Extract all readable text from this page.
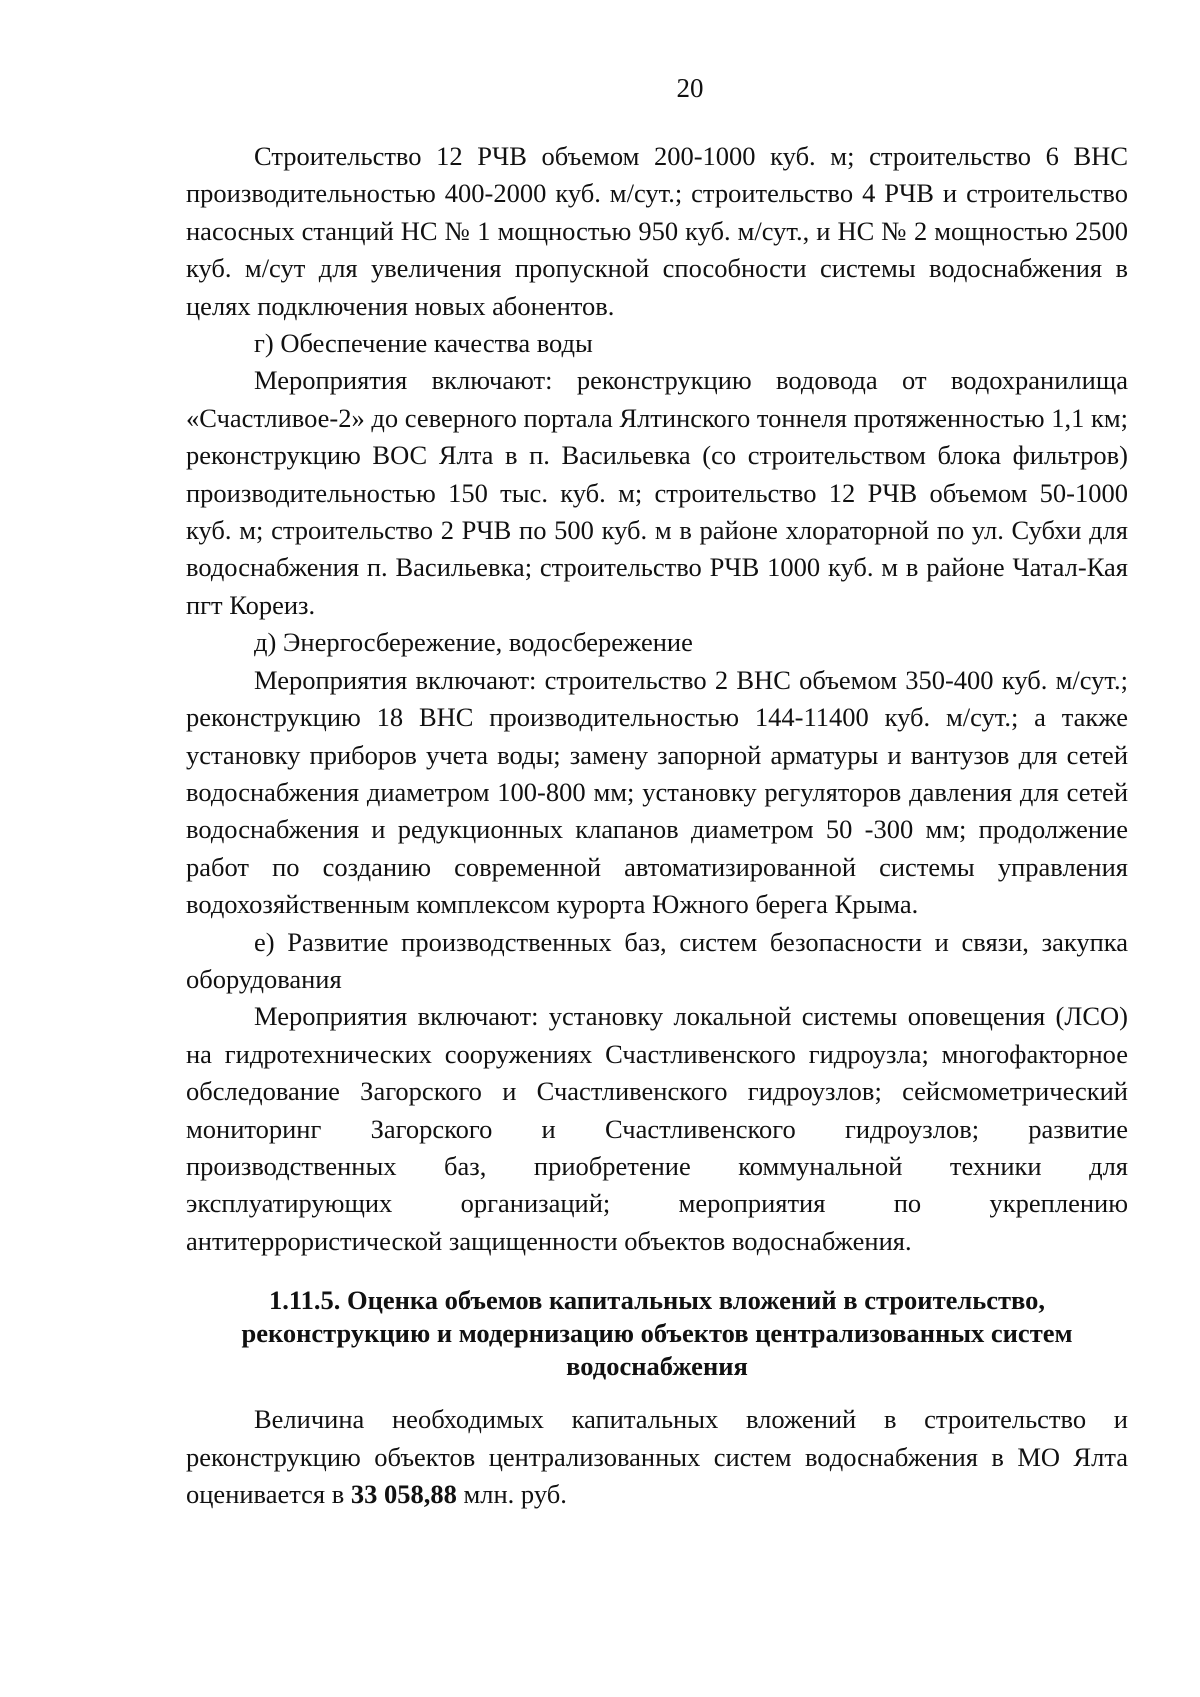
20

Строительство 12 РЧВ объемом 200-1000 куб. м; строительство 6 ВНС производительностью 400-2000 куб. м/сут.; строительство 4 РЧВ и строительство насосных станций НС № 1 мощностью 950 куб. м/сут., и НС № 2 мощностью 2500 куб. м/сут для увеличения пропускной способности системы водоснабжения в целях подключения новых абонентов.

г) Обеспечение качества воды

Мероприятия включают: реконструкцию водовода от водохранилища «Счастливое-2» до северного портала Ялтинского тоннеля протяженностью 1,1 км; реконструкцию ВОС Ялта в п. Васильевка (со строительством блока фильтров) производительностью 150 тыс. куб. м; строительство 12 РЧВ объемом 50-1000 куб. м; строительство 2 РЧВ по 500 куб. м в районе хлораторной по ул. Субхи для водоснабжения п. Васильевка; строительство РЧВ 1000 куб. м в районе Чатал-Кая пгт Кореиз.

д) Энергосбережение, водосбережение

Мероприятия включают: строительство 2 ВНС объемом 350-400 куб. м/сут.; реконструкцию 18 ВНС производительностью 144-11400 куб. м/сут.; а также установку приборов учета воды; замену запорной арматуры и вантузов для сетей водоснабжения диаметром 100-800 мм; установку регуляторов давления для сетей водоснабжения и редукционных клапанов диаметром 50 -300 мм; продолжение работ по созданию современной автоматизированной системы управления водохозяйственным комплексом курорта Южного берега Крыма.

е) Развитие производственных баз, систем безопасности и связи, закупка оборудования

Мероприятия включают: установку локальной системы оповещения (ЛСО) на гидротехнических сооружениях Счастливенского гидроузла; многофакторное обследование Загорского и Счастливенского гидроузлов; сейсмометрический мониторинг Загорского и Счастливенского гидроузлов; развитие производственных баз, приобретение коммунальной техники для эксплуатирующих организаций; мероприятия по укреплению антитеррористической защищенности объектов водоснабжения.

1.11.5. Оценка объемов капитальных вложений в строительство, реконструкцию и модернизацию объектов централизованных систем водоснабжения

Величина необходимых капитальных вложений в строительство и реконструкцию объектов централизованных систем водоснабжения в МО Ялта оценивается в 33 058,88 млн. руб.
